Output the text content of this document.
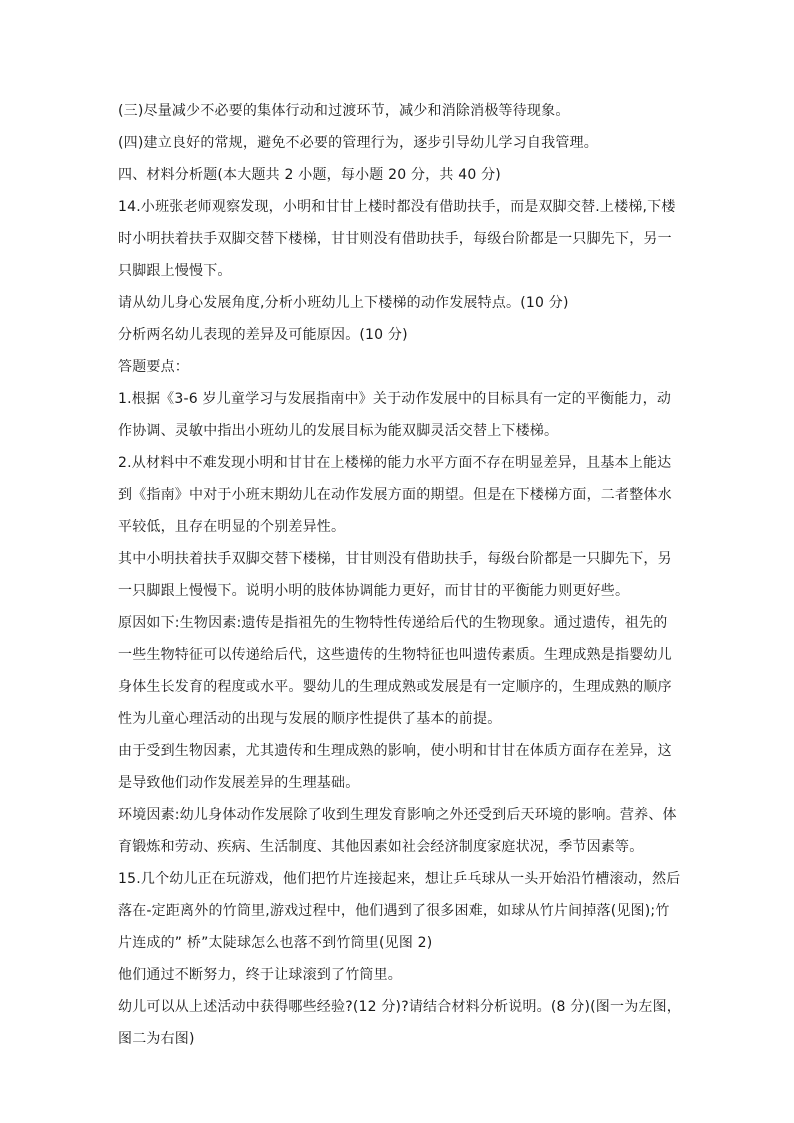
(三)尽量减少不必要的集体行动和过渡环节，减少和消除消极等待现象。
(四)建立良好的常规，避免不必要的管理行为，逐步引导幼儿学习自我管理。
四、材料分析题(本大题共 2 小题，每小题 20 分，共 40 分)
14.小班张老师观察发现，小明和甘甘上楼时都没有借助扶手，而是双脚交替.上楼梯,下楼
时小明扶着扶手双脚交替下楼梯，甘甘则没有借助扶手，每级台阶都是一只脚先下，另一
只脚跟上慢慢下。
请从幼儿身心发展角度,分析小班幼儿上下楼梯的动作发展特点。(10 分)
分析两名幼儿表现的差异及可能原因。(10 分)
答题要点：
1.根据《3-6 岁儿童学习与发展指南中》关于动作发展中的目标具有一定的平衡能力，动
作协调、灵敏中指出小班幼儿的发展目标为能双脚灵活交替上下楼梯。
2.从材料中不难发现小明和甘甘在上楼梯的能力水平方面不存在明显差异，且基本上能达
到《指南》中对于小班末期幼儿在动作发展方面的期望。但是在下楼梯方面，二者整体水
平较低，且存在明显的个别差异性。
其中小明扶着扶手双脚交替下楼梯，甘甘则没有借助扶手，每级台阶都是一只脚先下，另
一只脚跟上慢慢下。说明小明的肢体协调能力更好，而甘甘的平衡能力则更好些。
原因如下:生物因素:遗传是指祖先的生物特性传递给后代的生物现象。通过遗传，祖先的
一些生物特征可以传递给后代，这些遗传的生物特征也叫遗传素质。生理成熟是指婴幼儿
身体生长发育的程度或水平。婴幼儿的生理成熟或发展是有一定顺序的，生理成熟的顺序
性为儿童心理活动的出现与发展的顺序性提供了基本的前提。
由于受到生物因素，尤其遗传和生理成熟的影响，使小明和甘甘在体质方面存在差异，这
是导致他们动作发展差异的生理基础。
环境因素:幼儿身体动作发展除了收到生理发育影响之外还受到后天环境的影响。营养、体
育锻炼和劳动、疾病、生活制度、其他因素如社会经济制度家庭状况，季节因素等。
15.几个幼儿正在玩游戏，他们把竹片连接起来，想让乒乓球从一头开始沿竹槽滚动，然后
落在-定距离外的竹筒里,游戏过程中，他们遇到了很多困难，如球从竹片间掉落(见图);竹
片连成的” 桥”太陡球怎么也落不到竹筒里(见图 2)
他们通过不断努力，终于让球滚到了竹筒里。
幼儿可以从上述活动中获得哪些经验?(12 分)?请结合材料分析说明。(8 分)(图一为左图，
图二为右图)
